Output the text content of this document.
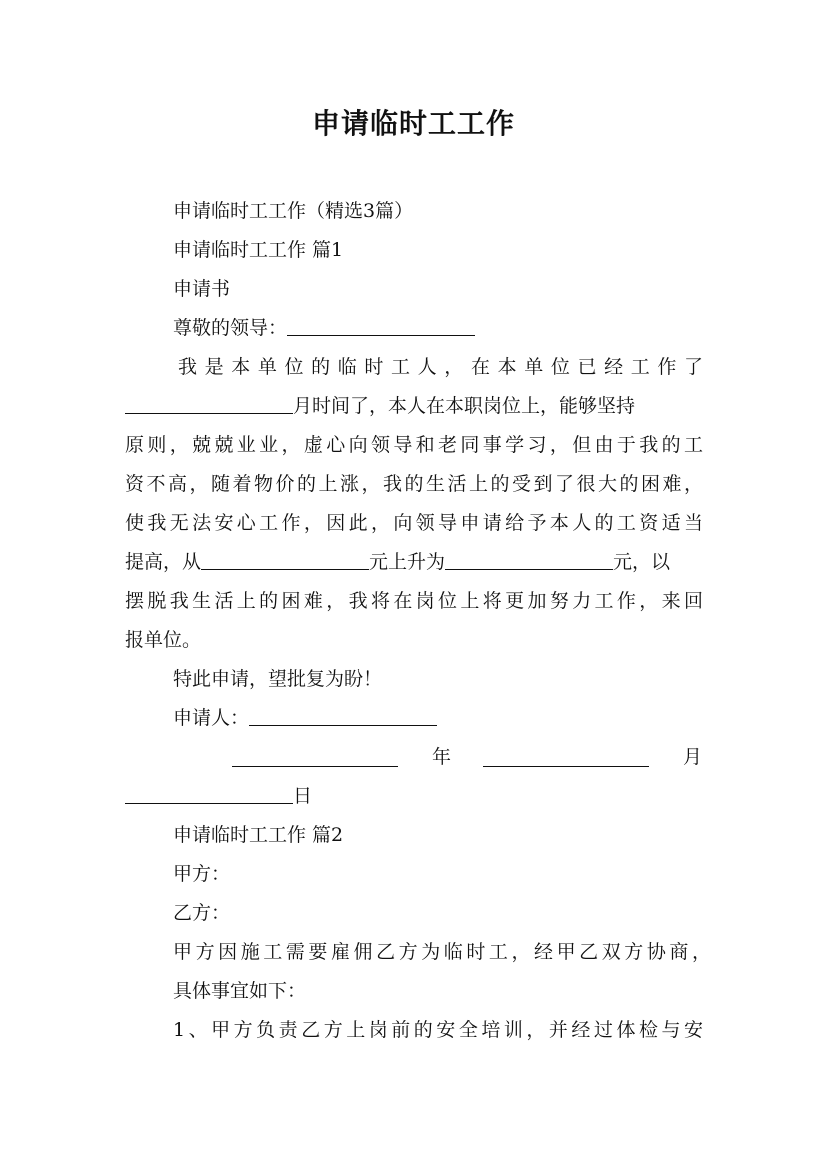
申请临时工工作
申请临时工工作（精选3篇）
申请临时工工作 篇1
申请书
尊敬的领导：
我是本单位的临时工人，在本单位已经工作了
月时间了，本人在本职岗位上，能够坚持
原则，兢兢业业，虚心向领导和老同事学习，但由于我的工
资不高，随着物价的上涨，我的生活上的受到了很大的困难，
使我无法安心工作，因此，向领导申请给予本人的工资适当
提高，从	元上升为	元，以
摆脱我生活上的困难，我将在岗位上将更加努力工作，来回
报单位。
特此申请，望批复为盼！
申请人：
年	月
日
申请临时工工作 篇2
甲方：
乙方：
甲方因施工需要雇佣乙方为临时工，经甲乙双方协商，
具体事宜如下：
1、甲方负责乙方上岗前的安全培训，并经过体检与安
